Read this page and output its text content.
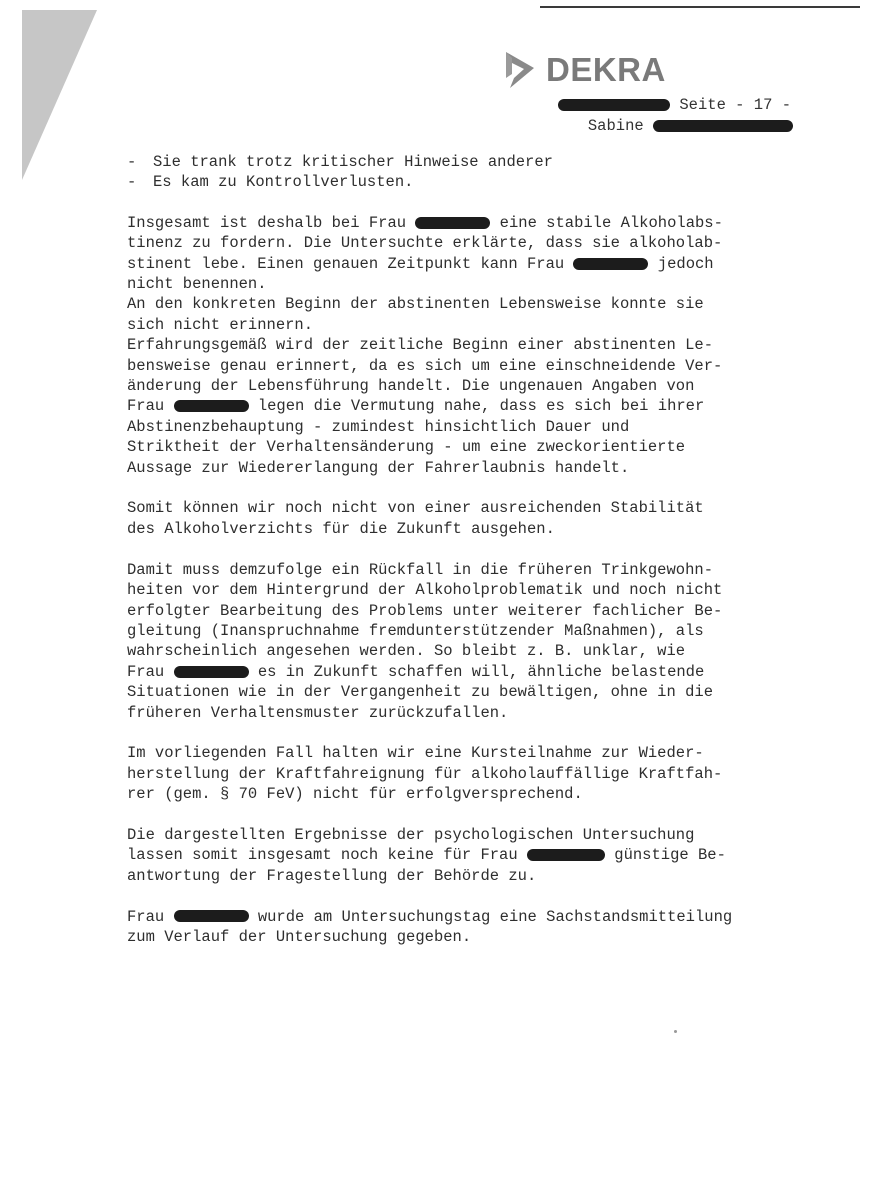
DEKRA
Seite - 17 -
Sabine
- Sie trank trotz kritischer Hinweise anderer
- Es kam zu Kontrollverlusten.

Insgesamt ist deshalb bei Frau	eine stabile Alkoholabs-
tinenz zu fordern. Die Untersuchte erklärte, dass sie alkoholab-
stinent lebe. Einen genauen Zeitpunkt kann Frau	jedoch
nicht benennen.

An den konkreten Beginn der abstinenten Lebensweise konnte sie
sich nicht erinnern.

Erfahrungsgemäß wird der zeitliche Beginn einer abstinenten Le-
bensweise genau erinnert, da es sich um eine einschneidende Ver-
änderung der Lebensführung handelt. Die ungenauen Angaben von
Frau	legen die Vermutung nahe, dass es sich bei ihrer
Abstinenzbehauptung - zumindest hinsichtlich Dauer und
Striktheit der Verhaltensänderung - um eine zweckorientierte
Aussage zur Wiedererlangung der Fahrerlaubnis handelt.

Somit können wir noch nicht von einer ausreichenden Stabilität
des Alkoholverzichts für die Zukunft ausgehen.

Damit muss demzufolge ein Rückfall in die früheren Trinkgewohn-
heiten vor dem Hintergrund der Alkoholproblematik und noch nicht
erfolgter Bearbeitung des Problems unter weiterer fachlicher Be-
gleitung (Inanspruchnahme fremdunterstützender Maßnahmen), als
wahrscheinlich angesehen werden. So bleibt z. B. unklar, wie
Frau	es in Zukunft schaffen will, ähnliche belastende
Situationen wie in der Vergangenheit zu bewältigen, ohne in die
früheren Verhaltensmuster zurückzufallen.

Im vorliegenden Fall halten wir eine Kursteilnahme zur Wieder-
herstellung der Kraftfahreignung für alkoholauffällige Kraftfah-
rer (gem. § 70 FeV) nicht für erfolgversprechend.

Die dargestellten Ergebnisse der psychologischen Untersuchung
lassen somit insgesamt noch keine für Frau	günstige Be-
antwortung der Fragestellung der Behörde zu.

Frau	wurde am Untersuchungstag eine Sachstandsmitteilung
zum Verlauf der Untersuchung gegeben.
